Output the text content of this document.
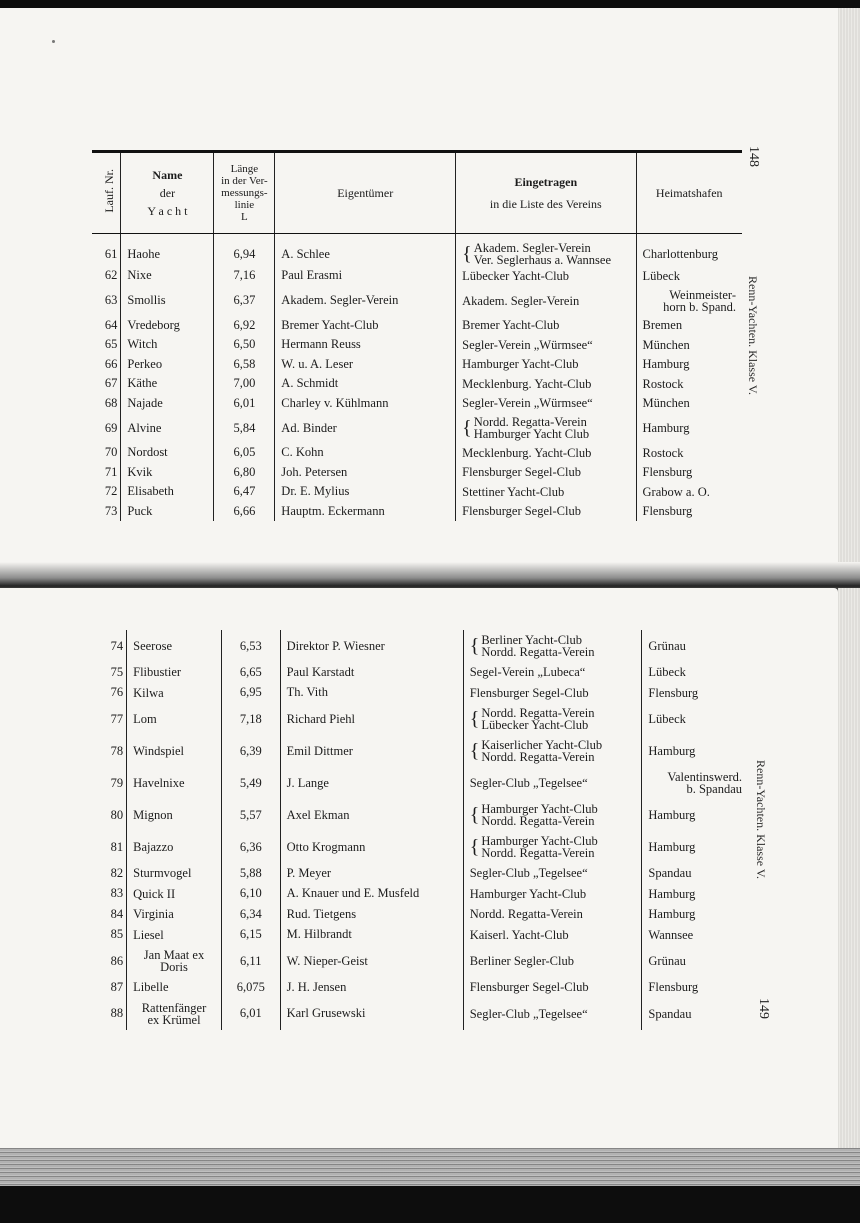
Lauf. Nr.	Name
der
Y a c h t	Länge
in der Ver-
messungs-
linie
L	Eigentümer	Eingetragen
in die Liste des Vereins	Heimatshafen
61	Haohe	6,94	A. Schlee	{ Akadem. Segler-Verein
Ver. Seglerhaus a. Wannsee	Charlottenburg

62	Nixe	7,16	Paul Erasmi	Lübecker Yacht-Club	Lübeck

63	Smollis	6,37	Akadem. Segler-Verein	Akadem. Segler-Verein	Weinmeister-
horn b. Spand.

64	Vredeborg	6,92	Bremer Yacht-Club	Bremer Yacht-Club	Bremen

65	Witch	6,50	Hermann Reuss	Segler-Verein „Würmsee“	München

66	Perkeo	6,58	W. u. A. Leser	Hamburger Yacht-Club	Hamburg

67	Käthe	7,00	A. Schmidt	Mecklenburg. Yacht-Club	Rostock

68	Najade	6,01	Charley v. Kühlmann	Segler-Verein „Würmsee“	München

69	Alvine	5,84	Ad. Binder	{ Nordd. Regatta-Verein
Hamburger Yacht Club	Hamburg

70	Nordost	6,05	C. Kohn	Mecklenburg. Yacht-Club	Rostock

71	Kvik	6,80	Joh. Petersen	Flensburger Segel-Club	Flensburg

72	Elisabeth	6,47	Dr. E. Mylius	Stettiner Yacht-Club	Grabow a. O.

73	Puck	6,66	Hauptm. Eckermann	Flensburger Segel-Club	Flensburg
148
Renn-Yachten. Klasse V.
74	Seerose	6,53	Direktor P. Wiesner	{ Berliner Yacht-Club
Nordd. Regatta-Verein	Grünau

75	Flibustier	6,65	Paul Karstadt	Segel-Verein „Lubeca“	Lübeck

76	Kilwa	6,95	Th. Vith	Flensburger Segel-Club	Flensburg

77	Lom	7,18	Richard Piehl	{ Nordd. Regatta-Verein
Lübecker Yacht-Club	Lübeck

78	Windspiel	6,39	Emil Dittmer	{ Kaiserlicher Yacht-Club
Nordd. Regatta-Verein	Hamburg

79	Havelnixe	5,49	J. Lange	Segler-Club „Tegelsee“	Valentinswerd.
b. Spandau

80	Mignon	5,57	Axel Ekman	{ Hamburger Yacht-Club
Nordd. Regatta-Verein	Hamburg

81	Bajazzo	6,36	Otto Krogmann	{ Hamburger Yacht-Club
Nordd. Regatta-Verein	Hamburg

82	Sturmvogel	5,88	P. Meyer	Segler-Club „Tegelsee“	Spandau

83	Quick II	6,10	A. Knauer und E. Musfeld	Hamburger Yacht-Club	Hamburg

84	Virginia	6,34	Rud. Tietgens	Nordd. Regatta-Verein	Hamburg

85	Liesel	6,15	M. Hilbrandt	Kaiserl. Yacht-Club	Wannsee

86	Jan Maat ex
Doris	6,11	W. Nieper-Geist	Berliner Segler-Club	Grünau

87	Libelle	6,075	J. H. Jensen	Flensburger Segel-Club	Flensburg

88	Rattenfänger
ex Krümel	6,01	Karl Grusewski	Segler-Club „Tegelsee“	Spandau
Renn-Yachten. Klasse V.
149
